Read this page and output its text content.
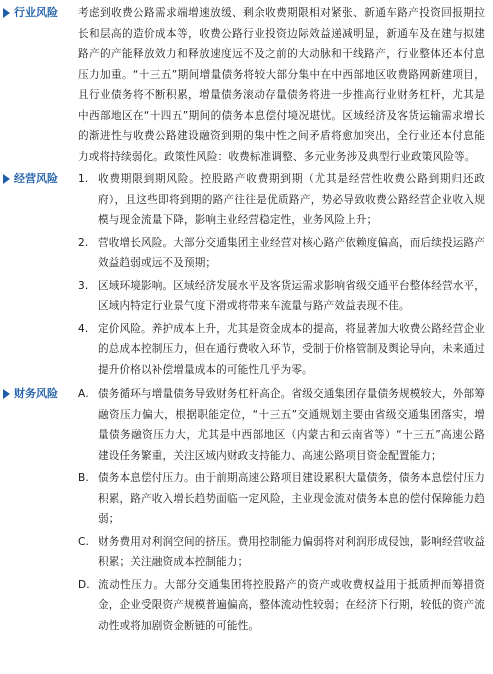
行业风险 考虑到收费公路需求端增速放缓、剩余收费期限相对紧张、新通车路产投资回报期拉长和层高的造价成本等，收费公路行业投资边际效益递减明显，新通车及在建与拟建路产的产能释放效力和释放速度远不及之前的大动脉和干线路产，行业整体还本付息压力加重。“十三五”期间增量债务将较大部分集中在中西部地区收费路网新建项目，且行业债务将不断积累，增量债务滚动存量债务将进一步推高行业财务杠杆，尤其是中西部地区在“十四五”期间的债务本息偿付境况堪忧。区域经济及客货运输需求增长的渐进性与收费公路建设融资到期的集中性之间矛盾将愈加突出，全行业还本付息能力或将持续弱化。政策性风险：收费标准调整、多元业务涉及典型行业政策风险等。

经营风险 1. 收费期限到期风险。控股路产收费期到期（尤其是经营性收费公路到期归还政府），且这些即将到期的路产往往是优质路产，势必导致收费公路经营企业收入规模与现金流量下降，影响主业经营稳定性，业务风险上升；
2. 营收增长风险。大部分交通集团主业经营对核心路产依赖度偏高，而后续投运路产效益趋弱或远不及预期；
3. 区域环境影响。区域经济发展水平及客货运需求影响省级交通平台整体经营水平，区域内特定行业景气度下滑或将带来车流量与路产效益表现不佳。
4. 定价风险。养护成本上升，尤其是资金成本的提高，将显著加大收费公路经营企业的总成本控制压力，但在通行费收入环节，受制于价格管制及舆论导向，未来通过提升价格以补偿增量成本的可能性几乎为零。
财务风险 A. 债务循环与增量债务导致财务杠杆高企。省级交通集团存量债务规模较大，外部筹融资压力偏大，根据职能定位，“十三五”交通规划主要由省级交通集团落实，增量债务融资压力大，尤其是中西部地区（内蒙古和云南省等）“十三五”高速公路建设任务繁重，关注区域内财政支持能力、高速公路项目资金配置能力；
B. 债务本息偿付压力。由于前期高速公路项目建设累积大量债务，债务本息偿付压力积累，路产收入增长趋势面临一定风险，主业现金流对债务本息的偿付保障能力趋弱；
C. 财务费用对利润空间的挤压。费用控制能力偏弱将对利润形成侵蚀，影响经营收益积累；关注融资成本控制能力；
D. 流动性压力。大部分交通集团将控股路产的资产或收费权益用于抵质押而筹措资金，企业受限资产规模普遍偏高，整体流动性较弱；在经济下行期，较低的资产流动性或将加剧资金断链的可能性。
